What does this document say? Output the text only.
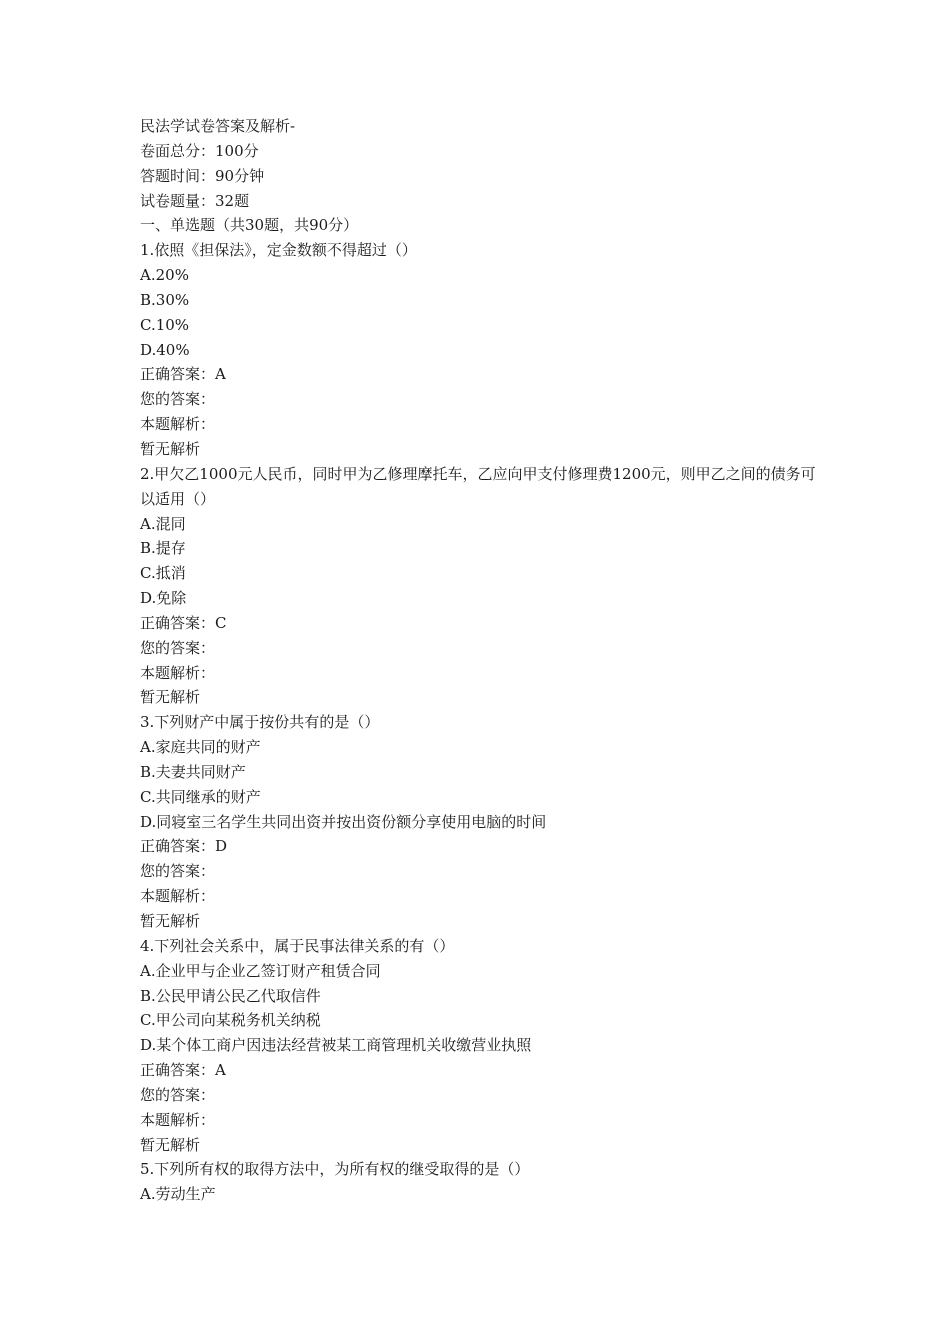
民法学试卷答案及解析-

卷面总分：100分

答题时间：90分钟

试卷题量：32题

一、单选题（共30题，共90分）

1.依照《担保法》，定金数额不得超过（）

A.20%

B.30%

C.10%

D.40%

正确答案：A

您的答案：

本题解析：

暂无解析

2.甲欠乙1000元人民币，同时甲为乙修理摩托车，乙应向甲支付修理费1200元，则甲乙之间的债务可以适用（）

A.混同

B.提存

C.抵消

D.免除

正确答案：C

您的答案：

本题解析：

暂无解析

3.下列财产中属于按份共有的是（）

A.家庭共同的财产

B.夫妻共同财产

C.共同继承的财产

D.同寝室三名学生共同出资并按出资份额分享使用电脑的时间

正确答案：D

您的答案：

本题解析：

暂无解析

4.下列社会关系中，属于民事法律关系的有（）

A.企业甲与企业乙签订财产租赁合同

B.公民甲请公民乙代取信件

C.甲公司向某税务机关纳税

D.某个体工商户因违法经营被某工商管理机关收缴营业执照

正确答案：A

您的答案：

本题解析：

暂无解析

5.下列所有权的取得方法中，为所有权的继受取得的是（）

A.劳动生产
